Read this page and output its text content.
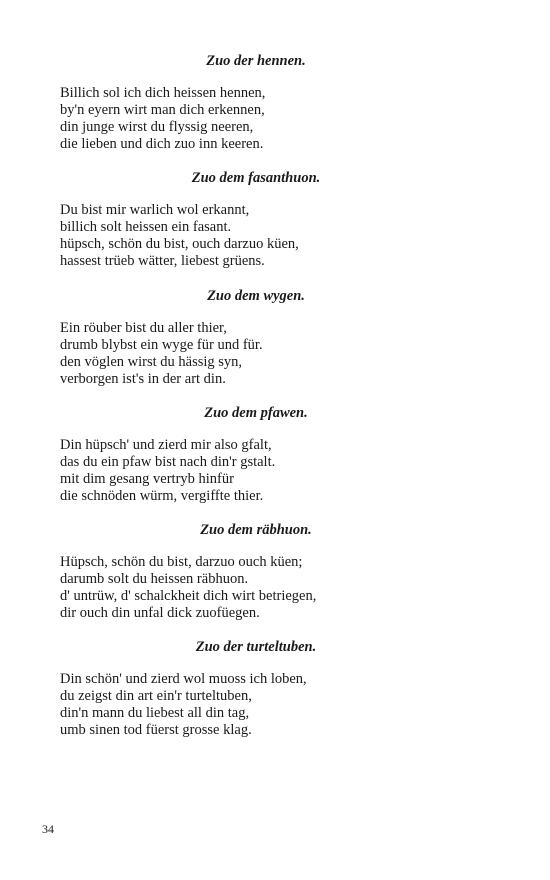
Zuo der hennen.
Billich sol ich dich heissen hennen,
by'n eyern wirt man dich erkennen,
din junge wirst du flyssig neeren,
die lieben und dich zuo inn keeren.
Zuo dem fasanthuon.
Du bist mir warlich wol erkannt,
billich solt heissen ein fasant.
hüpsch, schön du bist, ouch darzuo küen,
hassest trüeb wätter, liebest grüens.
Zuo dem wygen.
Ein röuber bist du aller thier,
drumb blybst ein wyge für und für.
den vöglen wirst du hässig syn,
verborgen ist's in der art din.
Zuo dem pfawen.
Din hüpsch' und zierd mir also gfalt,
das du ein pfaw bist nach din'r gstalt.
mit dim gesang vertryb hinfür
die schnöden würm, vergiffte thier.
Zuo dem räbhuon.
Hüpsch, schön du bist, darzuo ouch küen;
darumb solt du heissen räbhuon.
d' untrüw, d' schalckheit dich wirt betriegen,
dir ouch din unfal dick zuofüegen.
Zuo der turteltuben.
Din schön' und zierd wol muoss ich loben,
du zeigst din art ein'r turteltuben,
din'n mann du liebest all din tag,
umb sinen tod füerst grosse klag.
34
